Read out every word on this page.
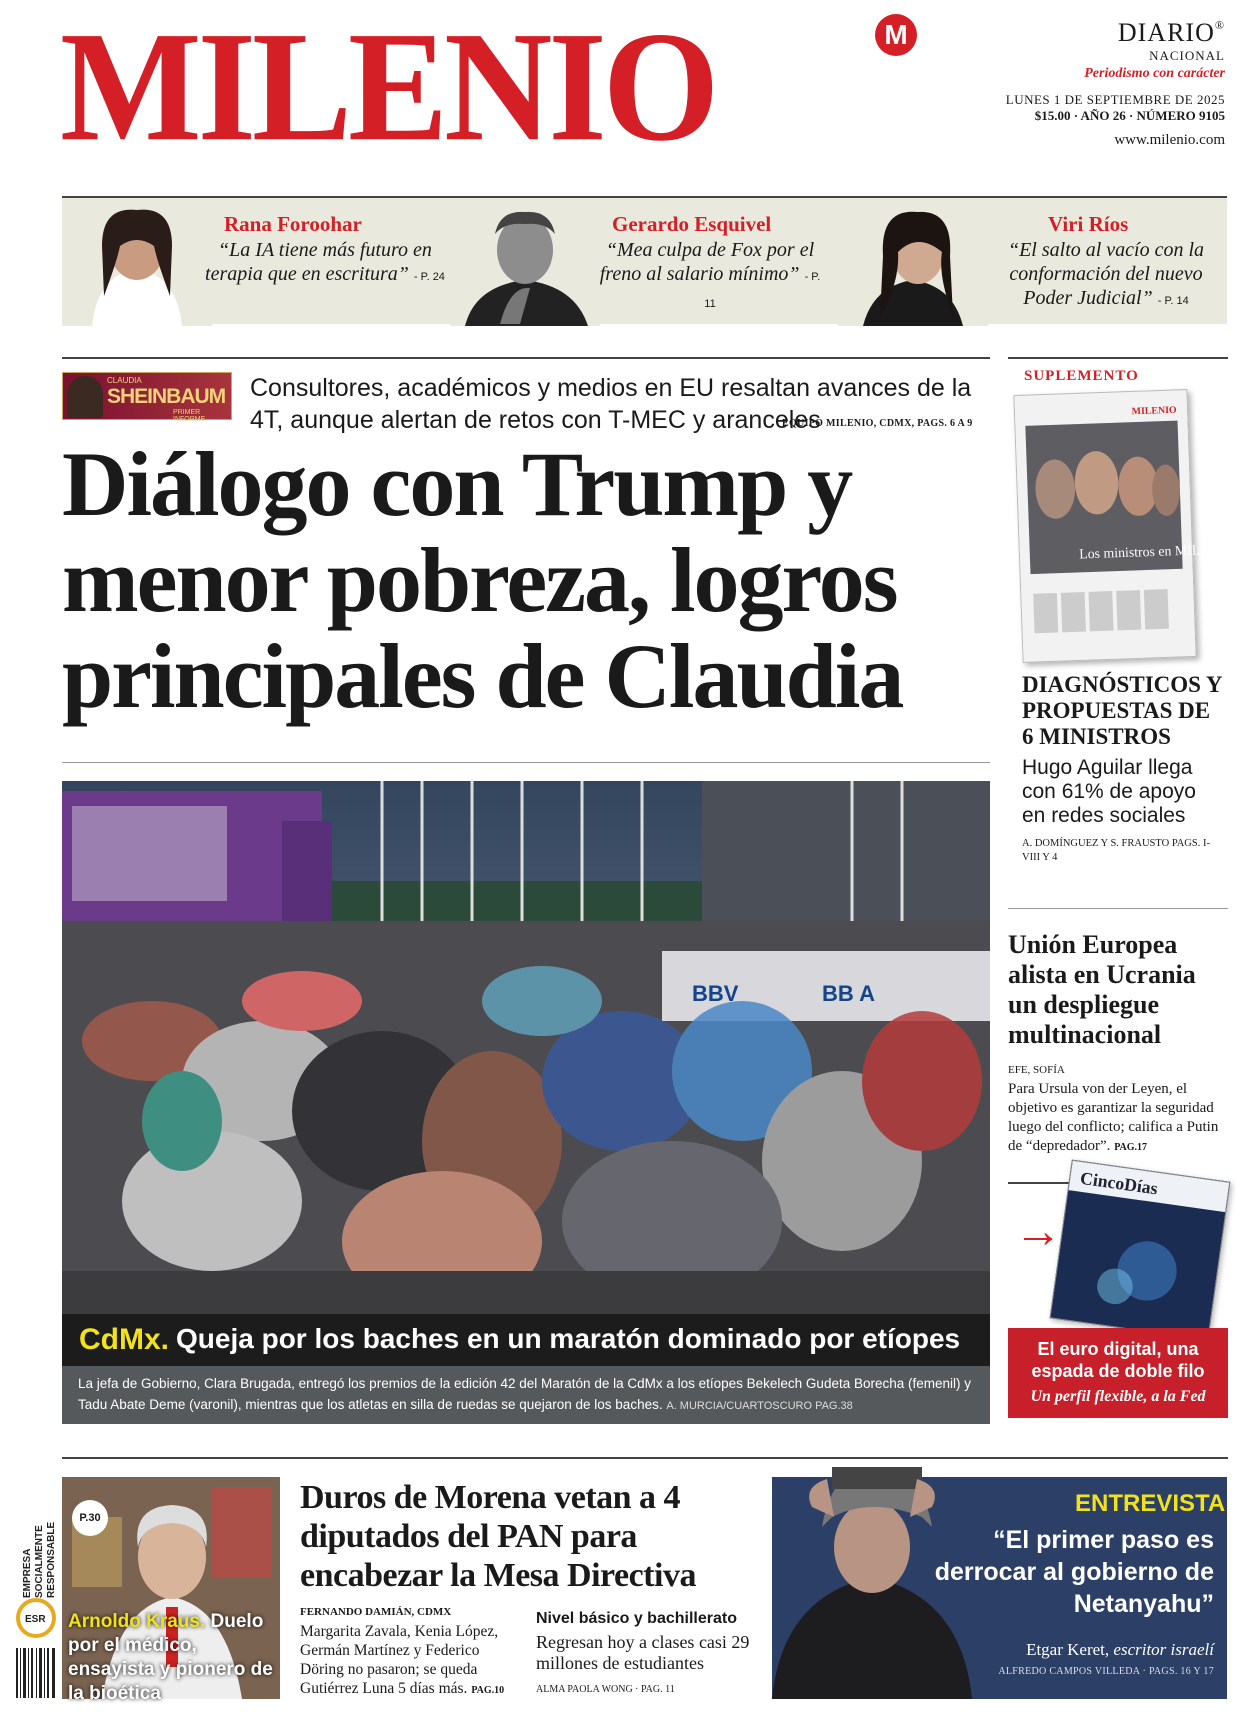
MILENIO	M	DIARIO®
NACIONAL
Periodismo con carácter
LUNES 1 DE SEPTIEMBRE DE 2025
$15.00 · AÑO 26 · NÚMERO 9105
www.milenio.com
Rana Foroohar
“La IA tiene más futuro en terapia que en escritura” - P. 24
Gerardo Esquivel
“Mea culpa de Fox por el freno al salario mínimo” - P. 11
Viri Ríos
“El salto al vacío con la conformación del nuevo Poder Judicial” - P. 14
CLAUDIA
SHEINBAUM
PRIMER INFORME
Consultores, académicos y medios en EU resaltan avances de la 4T, aunque alertan de retos con T-MEC y aranceles
EQUIPO MILENIO, CDMX, PAGS. 6 A 9
Diálogo con Trump y menor pobreza, logros principales de Claudia
BBV	BB A
CdMx. Queja por los baches en un maratón dominado por etíopes
La jefa de Gobierno, Clara Brugada, entregó los premios de la edición 42 del Maratón de la CdMx a los etíopes Bekelech Gudeta Borecha (femenil) y Tadu Abate Deme (varonil), mientras que los atletas en silla de ruedas se quejaron de los baches. A. MURCIA/CUARTOSCURO PAG.38
SUPLEMENTO
MILENIO
Los ministros en MILENIO
DIAGNÓSTICOS Y PROPUESTAS DE 6 MINISTROS
Hugo Aguilar llega con 61% de apoyo en redes sociales
A. DOMÍNGUEZ Y S. FRAUSTO PAGS. I-VIII Y 4
Unión Europea alista en Ucrania un despliegue multinacional
EFE, SOFÍA
Para Ursula von der Leyen, el objetivo es garantizar la seguridad luego del conflicto; califica a Putin de “depredador”. PAG.17
→
CincoDías
El euro digital, una espada de doble filo
Un perfil flexible, a la Fed
EMPRESA SOCIALMENTE RESPONSABLE
ESR
P.30
Arnoldo Kraus. Duelo por el médico, ensayista y pionero de la bioética
Duros de Morena vetan a 4 diputados del PAN para encabezar la Mesa Directiva
FERNANDO DAMIÁN, CDMX
Margarita Zavala, Kenia López, Germán Martínez y Federico Döring no pasaron; se queda Gutiérrez Luna 5 días más. PAG.10
Nivel básico y bachillerato
Regresan hoy a clases casi 29 millones de estudiantes
ALMA PAOLA WONG · PAG. 11
ENTREVISTA
“El primer paso es derrocar al gobierno de Netanyahu”
Etgar Keret, escritor israelí
ALFREDO CAMPOS VILLEDA · PAGS. 16 Y 17
